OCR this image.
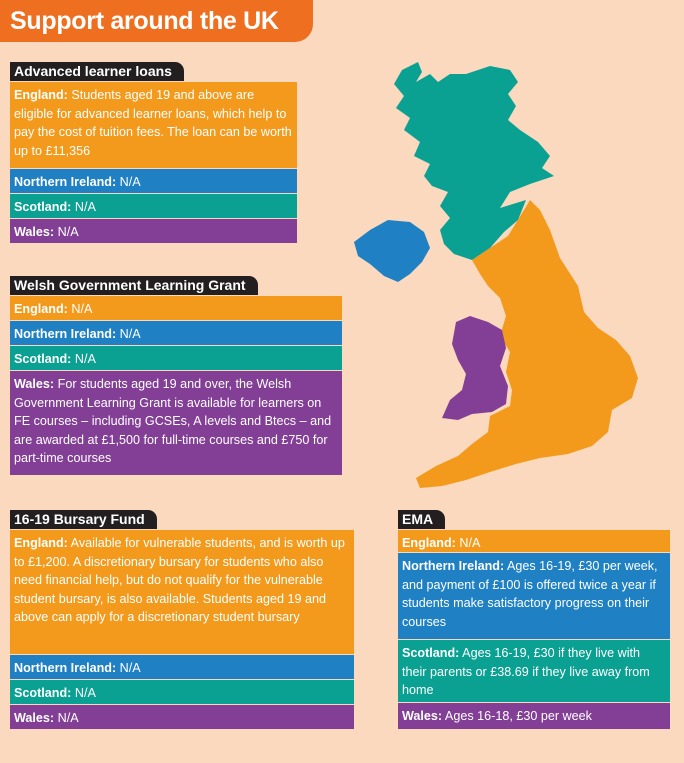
Support around the UK
Advanced learner loans
England: Students aged 19 and above are eligible for advanced learner loans, which help to pay the cost of tuition fees. The loan can be worth up to £11,356
Northern Ireland: N/A
Scotland: N/A
Wales: N/A
Welsh Government Learning Grant
England: N/A
Northern Ireland: N/A
Scotland: N/A
Wales: For students aged 19 and over, the Welsh Government Learning Grant is available for learners on FE courses – including GCSEs, A levels and Btecs – and are awarded at £1,500 for full-time courses and £750 for part-time courses
16-19 Bursary Fund
England: Available for vulnerable students, and is worth up to £1,200. A discretionary bursary for students who also need financial help, but do not qualify for the vulnerable student bursary, is also available. Students aged 19 and above can apply for a discretionary student bursary
Northern Ireland: N/A
Scotland: N/A
Wales: N/A
EMA
England: N/A
Northern Ireland: Ages 16-19, £30 per week, and payment of £100 is offered twice a year if students make satisfactory progress on their courses
Scotland: Ages 16-19, £30 if they live with their parents or £38.69 if they live away from home
Wales: Ages 16-18, £30 per week
